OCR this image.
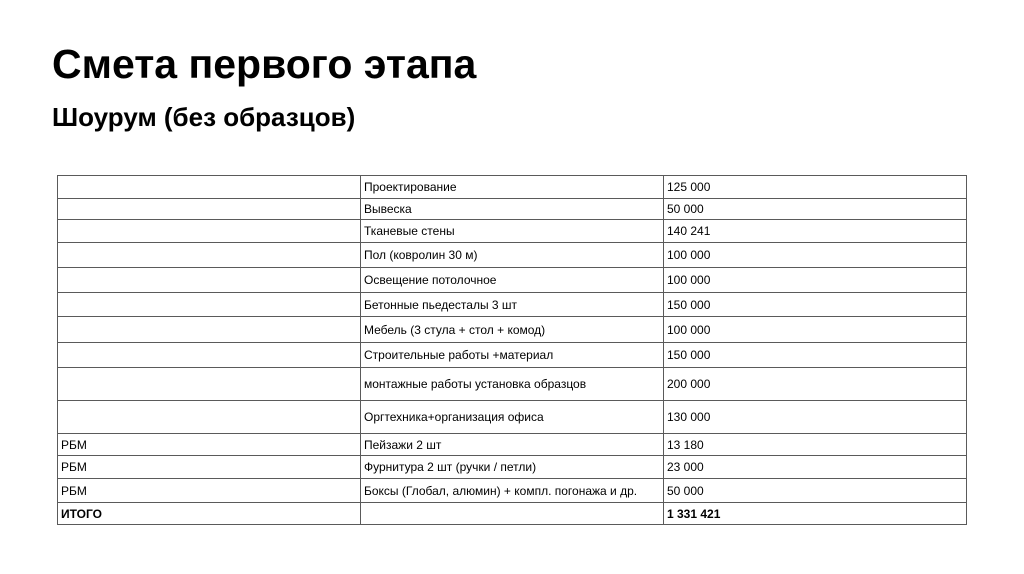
Смета первого этапа
Шоурум (без образцов)
	Проектирование	125 000
	Вывеска	50 000
	Тканевые стены	140 241
	Пол (ковролин 30 м)	100 000
	Освещение потолочное	100 000
	Бетонные пьедесталы 3 шт	150 000
	Мебель (3 стула + стол + комод)	100 000
	Строительные работы +материал	150 000
	монтажные работы установка образцов	200 000
	Оргтехника+организация офиса	130 000
РБМ	Пейзажи 2 шт	13 180
РБМ	Фурнитура 2 шт (ручки / петли)	23 000
РБМ	Боксы (Глобал, алюмин) + компл. погонажа и др.	50 000
ИТОГО		1 331 421
